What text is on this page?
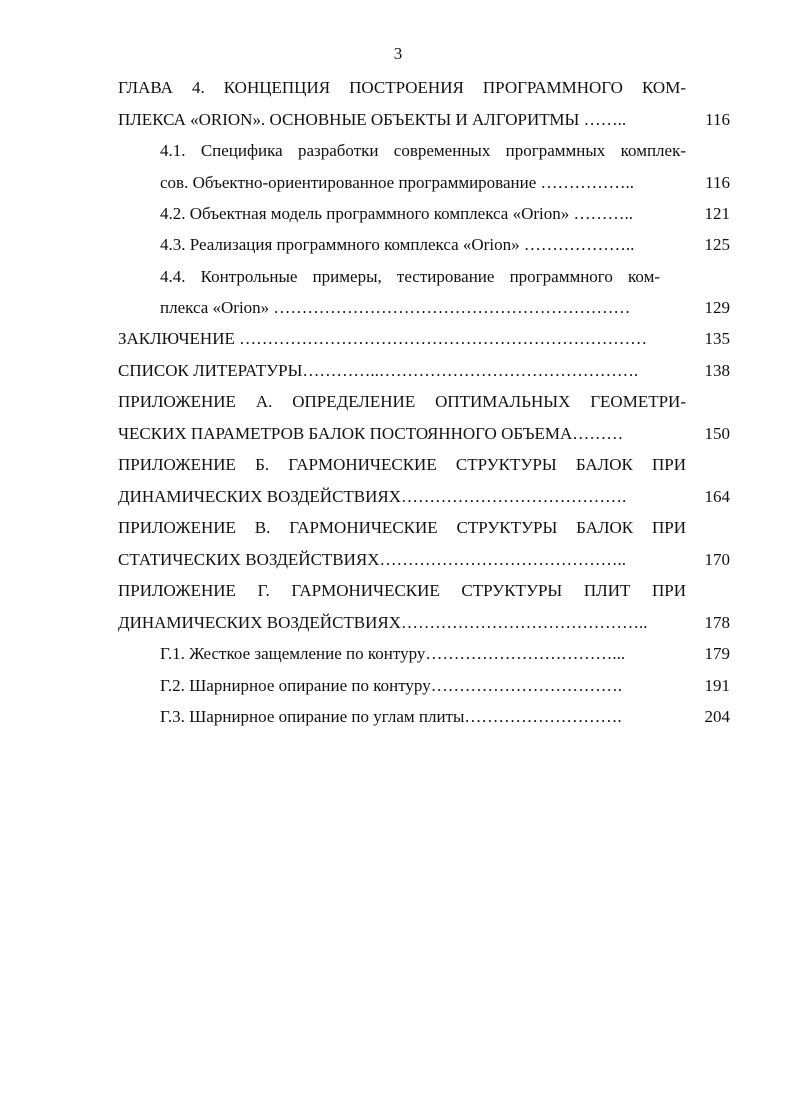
3
ГЛАВА 4. КОНЦЕПЦИЯ ПОСТРОЕНИЯ ПРОГРАММНОГО КОМ-
ПЛЕКСА «ORION». ОСНОВНЫЕ ОБЪЕКТЫ И АЛГОРИТМЫ ……..	116
4.1. Специфика разработки современных программных комплек-
сов. Объектно-ориентированное программирование ……………..	116
4.2. Объектная модель программного комплекса «Orion» ………..	121
4.3. Реализация программного комплекса «Orion» ………………..	125
4.4. Контрольные примеры, тестирование программного ком-
плекса «Orion» ………………………………………………………	129
ЗАКЛЮЧЕНИЕ ………………………………………………………………	135
СПИСОК ЛИТЕРАТУРЫ…………..……………………………………….	138
ПРИЛОЖЕНИЕ А. ОПРЕДЕЛЕНИЕ ОПТИМАЛЬНЫХ ГЕОМЕТРИ-
ЧЕСКИХ ПАРАМЕТРОВ БАЛОК ПОСТОЯННОГО ОБЪЕМА………	150
ПРИЛОЖЕНИЕ Б. ГАРМОНИЧЕСКИЕ СТРУКТУРЫ БАЛОК ПРИ
ДИНАМИЧЕСКИХ ВОЗДЕЙСТВИЯХ………………………………….	164
ПРИЛОЖЕНИЕ В. ГАРМОНИЧЕСКИЕ СТРУКТУРЫ БАЛОК ПРИ
СТАТИЧЕСКИХ ВОЗДЕЙСТВИЯХ……………………………………..	170
ПРИЛОЖЕНИЕ Г. ГАРМОНИЧЕСКИЕ СТРУКТУРЫ ПЛИТ ПРИ
ДИНАМИЧЕСКИХ ВОЗДЕЙСТВИЯХ……………………………………..	178
Г.1. Жесткое защемление по контуру……………………………...	179
Г.2. Шарнирное опирание по контуру…………………………….	191
Г.3. Шарнирное опирание по углам плиты……………………….	204
